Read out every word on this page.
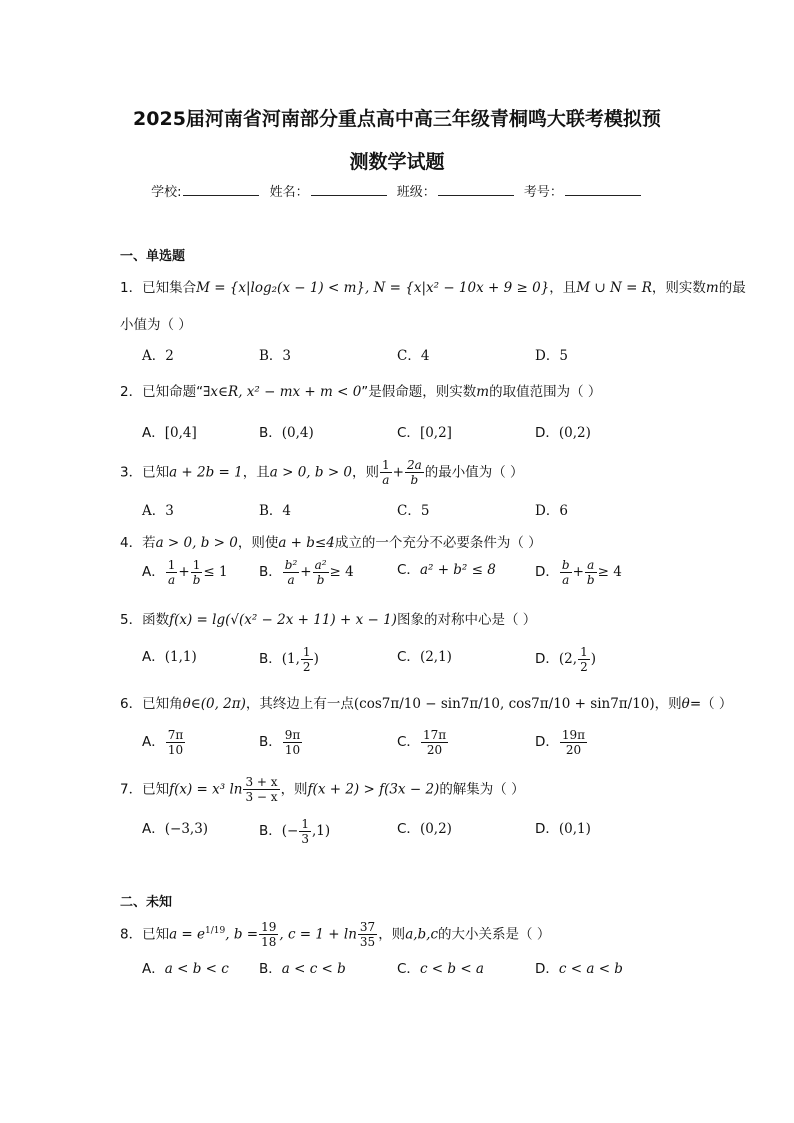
2025届河南省河南部分重点高中高三年级青桐鸣大联考模拟预
测数学试题
学校:	姓名：	班级：	考号：
一、单选题
1．已知集合M = {x|log₂(x − 1) < m}, N = {x|x² − 10x + 9 ≥ 0}，且M ∪ N = R，则实数m的最
小值为（ ）
A．2	B．3	C．4	D．5
2．已知命题“∃x∈R, x² − mx + m < 0”是假命题，则实数m的取值范围为（ ）
A．[0,4]	B．(0,4)	C．[0,2]	D．(0,2)
3．已知a + 2b = 1，且a > 0, b > 0，则 $\frac{1}{a} + \frac{2a}{b}$ 的最小值为（ ）
A．3	B．4	C．5	D．6
4．若a > 0, b > 0，则使a + b≤4成立的一个充分不必要条件为（ ）
A． $\frac{1}{a} + \frac{1}{b} \le 1$ B． $\frac{\text{b²}}{a} + \frac{\text{a²}}{b} \ge 4$	C．a² + b² ≤ 8	D． $\frac{b}{a} + \frac{a}{b} \ge 4$
5．函数f(x) = lg(√(x² − 2x + 11) + x − 1)图象的对称中心是（ ）
A．(1,1)	B．(1, $\frac{1}{2}$ )	C．(2,1)	D．(2, $\frac{1}{2}$ )
6．已知角θ∈(0, 2π)，其终边上有一点(cos7π/10 − sin7π/10, cos7π/10 + sin7π/10)，则θ=（ ）
A． $\frac{7\pi}{10}$	B． $\frac{9\pi}{10}$	C． $\frac{17\pi}{20}$	D． $\frac{19\pi}{20}$
7．已知f(x) = x³ $\ln \frac{3 + x}{3 - x}$ ，则f(x + 2) > f(3x − 2)的解集为（ ）
A．(−3,3)	B．(− $\frac{1}{3} ,1$)	C．(0,2)	D．(0,1)
二、未知
8．已知$a = e^{1/19}$, $b = \frac{19}{18}$ , $c = 1 + \ln \frac{37}{35}$ ，则a,b,c的大小关系是（ ）
A．a < b < c B．a < c < b	C．c < b < a	D．c < a < b
